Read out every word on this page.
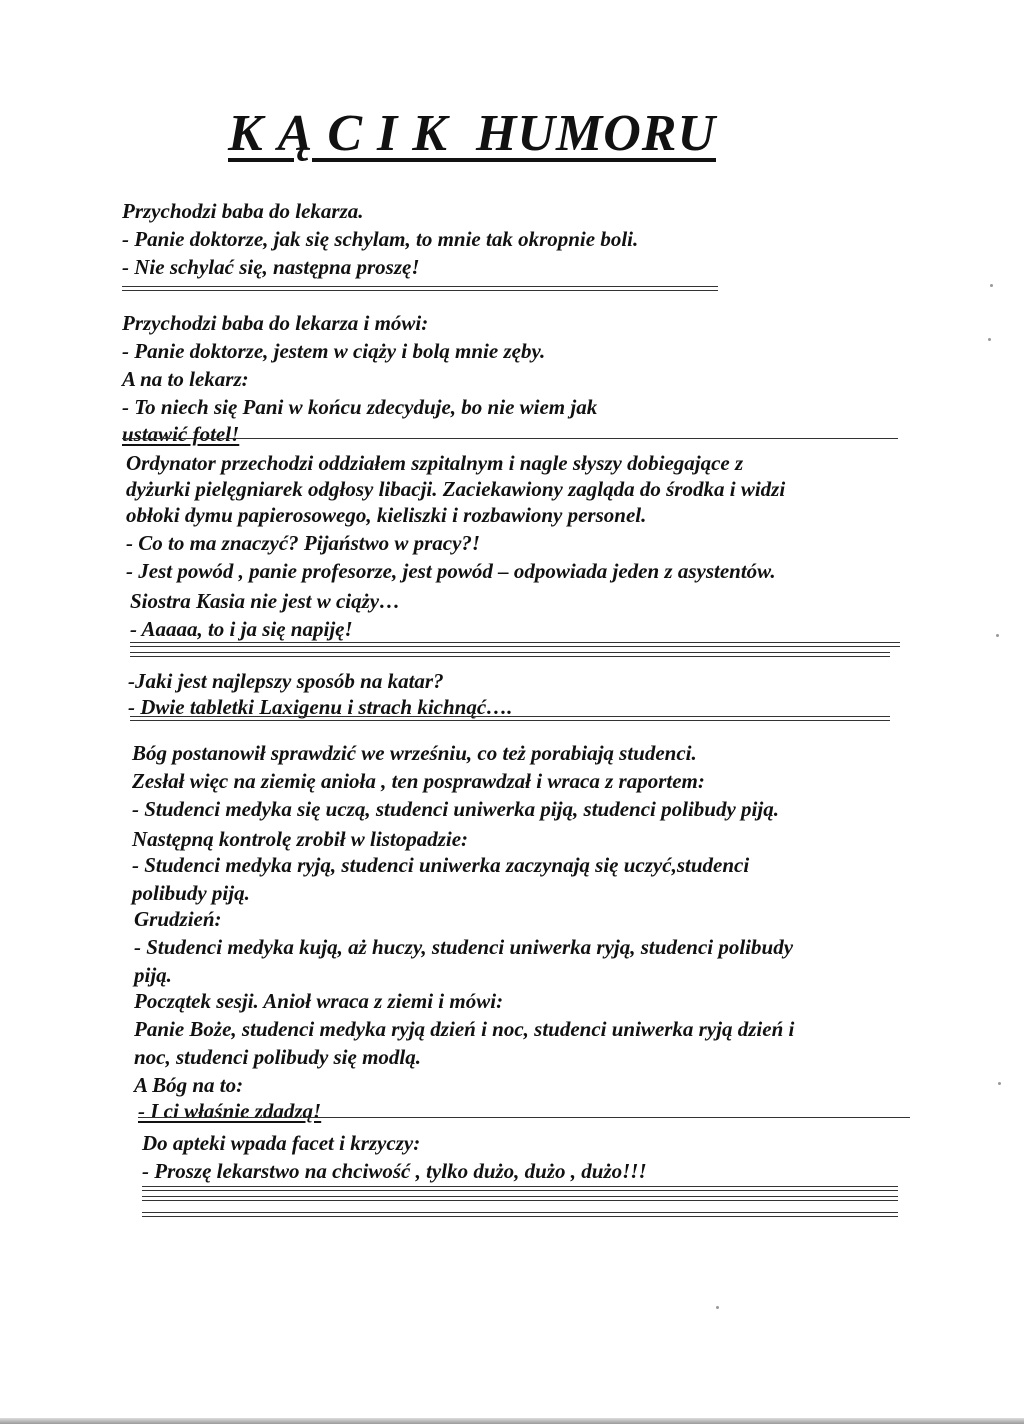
K Ą C I K  HUMORU

Przychodzi baba do lekarza.

- Panie doktorze, jak się schylam, to mnie tak okropnie boli.

- Nie schylać się, następna proszę!

Przychodzi baba do lekarza i mówi:

- Panie doktorze, jestem w ciąży i bolą mnie zęby.

A na to lekarz:

- To niech się Pani w końcu zdecyduje, bo nie wiem jak

ustawić fotel!

Ordynator przechodzi oddziałem szpitalnym i nagle słyszy dobiegające z

dyżurki pielęgniarek odgłosy libacji. Zaciekawiony zagląda do środka i widzi

obłoki dymu papierosowego, kieliszki i rozbawiony personel.

- Co to ma znaczyć? Pijaństwo w pracy?!

- Jest powód , panie profesorze, jest powód – odpowiada jeden z asystentów.

Siostra Kasia nie jest w ciąży…

- Aaaaa, to i ja się napiję!

-Jaki jest najlepszy sposób na katar?

- Dwie tabletki Laxigenu i strach kichnąć….

Bóg postanowił sprawdzić we wrześniu, co też porabiają studenci.

Zesłał więc na ziemię anioła , ten posprawdzał i wraca z raportem:

- Studenci medyka się uczą, studenci uniwerka piją, studenci polibudy piją.

Następną kontrolę zrobił w listopadzie:

- Studenci medyka ryją, studenci uniwerka zaczynają się uczyć,studenci

polibudy piją.

Grudzień:

- Studenci medyka kują, aż huczy, studenci uniwerka ryją, studenci polibudy

piją.

Początek sesji. Anioł wraca z ziemi i mówi:

Panie Boże, studenci medyka ryją dzień i noc, studenci uniwerka ryją dzień i

noc, studenci polibudy się modlą.

A Bóg na to:

- I ci właśnie zdadzą!

Do apteki wpada facet i krzyczy:

- Proszę lekarstwo na chciwość , tylko dużo, dużo , dużo!!!
